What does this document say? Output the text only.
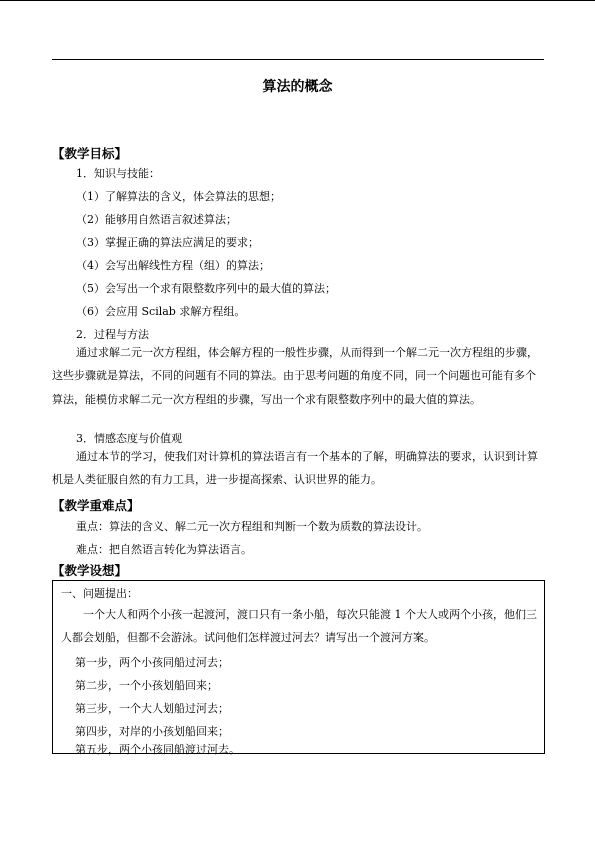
算法的概念
【教学目标】
1．知识与技能：
（1）了解算法的含义，体会算法的思想；
（2）能够用自然语言叙述算法；
（3）掌握正确的算法应满足的要求；
（4）会写出解线性方程（组）的算法；
（5）会写出一个求有限整数序列中的最大值的算法；
（6）会应用 Scilab 求解方程组。
2．过程与方法
通过求解二元一次方程组，体会解方程的一般性步骤，从而得到一个解二元一次方程组的步骤，这些步骤就是算法，不同的问题有不同的算法。由于思考问题的角度不同，同一个问题也可能有多个算法，能模仿求解二元一次方程组的步骤，写出一个求有限整数序列中的最大值的算法。
3．情感态度与价值观
通过本节的学习，使我们对计算机的算法语言有一个基本的了解，明确算法的要求，认识到计算机是人类征服自然的有力工具，进一步提高探索、认识世界的能力。
【教学重难点】
重点：算法的含义、解二元一次方程组和判断一个数为质数的算法设计。
难点：把自然语言转化为算法语言。
【教学设想】
一、问题提出：
一个大人和两个小孩一起渡河，渡口只有一条小船，每次只能渡 1 个大人或两个小孩，他们三人都会划船，但都不会游泳。试问他们怎样渡过河去？请写出一个渡河方案。
第一步，两个小孩同船过河去；
第二步，一个小孩划船回来；
第三步，一个大人划船过河去；
第四步，对岸的小孩划船回来；
第五步，两个小孩同船渡过河去。
